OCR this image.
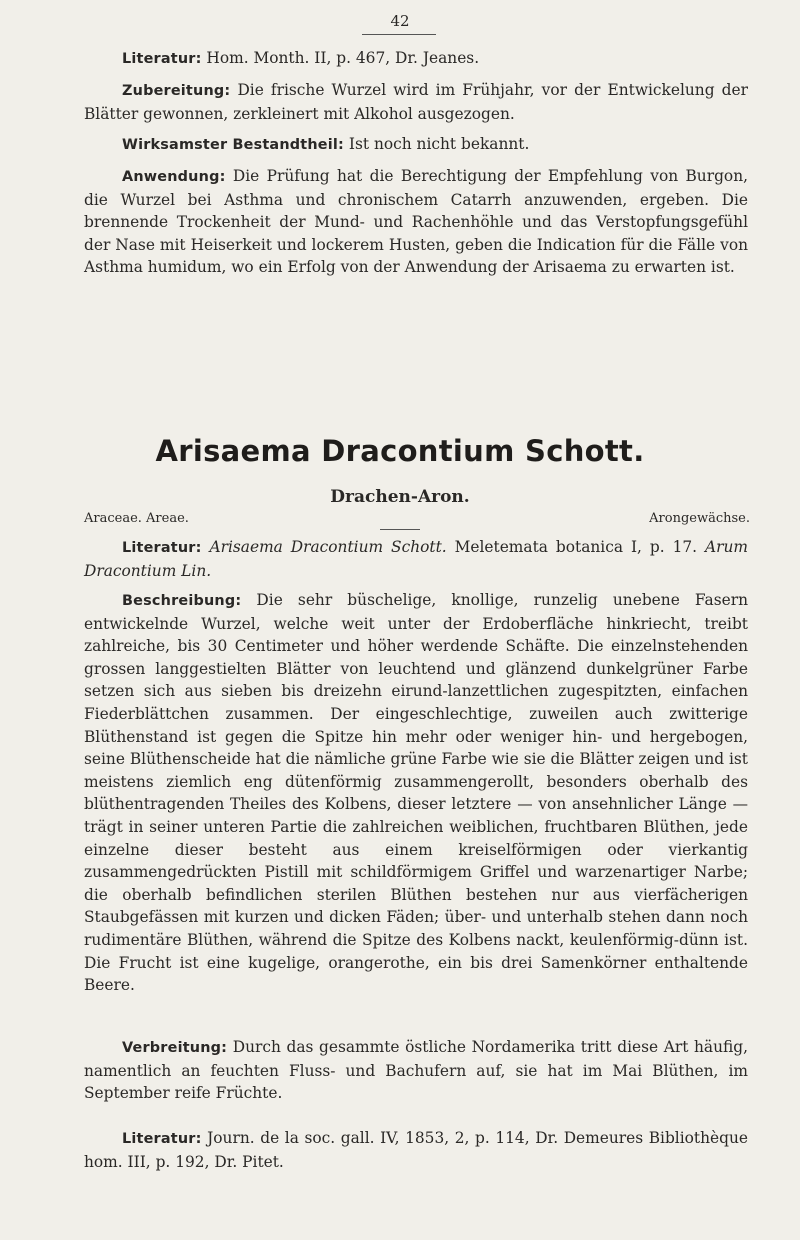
42

Literatur: Hom. Month. II, p. 467, Dr. Jeanes.

Zubereitung: Die frische Wurzel wird im Frühjahr, vor der Entwickelung der Blätter gewonnen, zerkleinert mit Alkohol ausgezogen.

Wirksamster Bestandtheil: Ist noch nicht bekannt.

Anwendung: Die Prüfung hat die Berechtigung der Empfehlung von Burgon, die Wurzel bei Asthma und chronischem Catarrh anzuwenden, ergeben. Die brennende Trockenheit der Mund- und Rachenhöhle und das Verstopfungsgefühl der Nase mit Heiserkeit und lockerem Husten, geben die Indication für die Fälle von Asthma humidum, wo ein Erfolg von der Anwendung der Arisaema zu erwarten ist.

Arisaema Dracontium Schott.
Drachen-Aron.
Araceae. Areae.	Arongewächse.

Literatur: Arisaema Dracontium Schott. Meletemata botanica I, p. 17. Arum Dracontium Lin.

Beschreibung: Die sehr büschelige, knollige, runzelig unebene Fasern entwickelnde Wurzel, welche weit unter der Erdoberfläche hinkriecht, treibt zahlreiche, bis 30 Centimeter und höher werdende Schäfte. Die einzelnstehenden grossen langgestielten Blätter von leuchtend und glänzend dunkelgrüner Farbe setzen sich aus sieben bis dreizehn eirund-lanzettlichen zugespitzten, einfachen Fiederblättchen zusammen. Der eingeschlechtige, zuweilen auch zwitterige Blüthenstand ist gegen die Spitze hin mehr oder weniger hin- und hergebogen, seine Blüthenscheide hat die nämliche grüne Farbe wie sie die Blätter zeigen und ist meistens ziemlich eng dütenförmig zusammengerollt, besonders oberhalb des blüthentragenden Theiles des Kolbens, dieser letztere — von ansehnlicher Länge — trägt in seiner unteren Partie die zahlreichen weiblichen, fruchtbaren Blüthen, jede einzelne dieser besteht aus einem kreiselförmigen oder vierkantig zusammengedrückten Pistill mit schildförmigem Griffel und warzenartiger Narbe; die oberhalb befindlichen sterilen Blüthen bestehen nur aus vierfächerigen Staubgefässen mit kurzen und dicken Fäden; über- und unterhalb stehen dann noch rudimentäre Blüthen, während die Spitze des Kolbens nackt, keulenförmig-dünn ist. Die Frucht ist eine kugelige, orangerothe, ein bis drei Samenkörner enthaltende Beere.

Verbreitung: Durch das gesammte östliche Nordamerika tritt diese Art häufig, namentlich an feuchten Fluss- und Bachufern auf, sie hat im Mai Blüthen, im September reife Früchte.

Literatur: Journ. de la soc. gall. IV, 1853, 2, p. 114, Dr. Demeures Bibliothèque hom. III, p. 192, Dr. Pitet.
